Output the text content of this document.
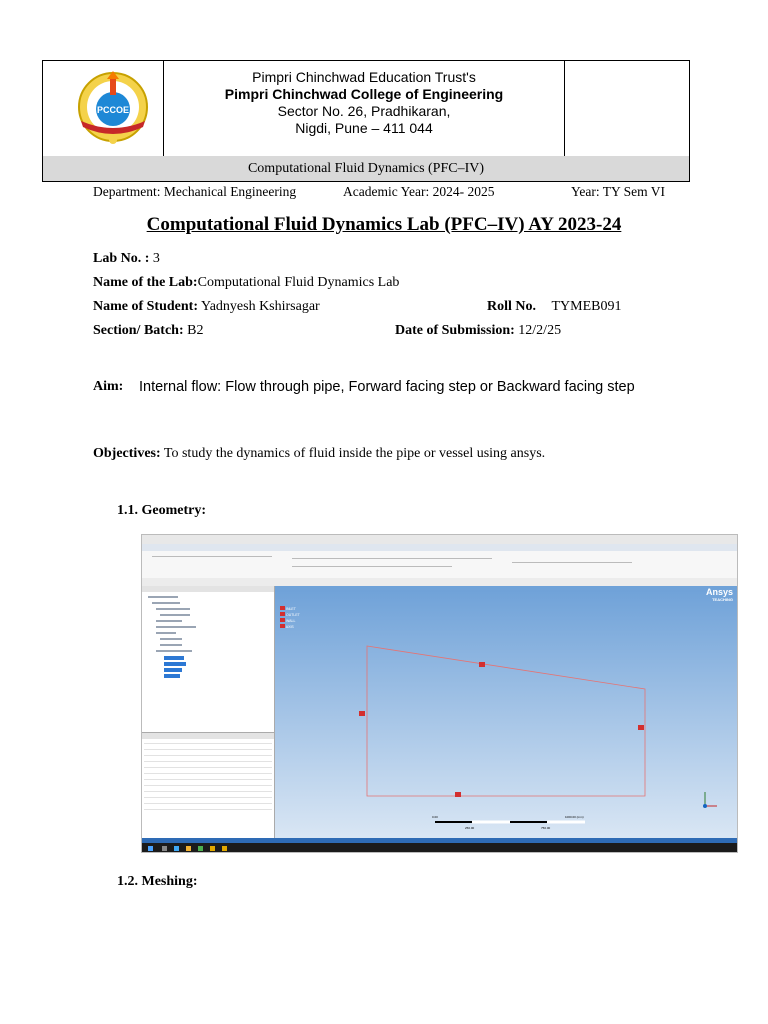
PCCOE
Pimpri Chinchwad Education Trust's
Pimpri Chinchwad College of Engineering
Sector No. 26, Pradhikaran,
Nigdi, Pune – 411 044
Computational Fluid Dynamics (PFC–IV)
Department: Mechanical Engineering	Academic Year: 2024- 2025	Year: TY Sem VI
Computational Fluid Dynamics Lab (PFC–IV) AY 2023-24
Lab No. : 3
Name of the Lab:Computational Fluid Dynamics Lab
Name of Student: Yadnyesh Kshirsagar	Roll No. TYMEB091
Section/ Batch: B2	Date of Submission: 12/2/25
Aim: Internal flow: Flow through pipe, Forward facing step or Backward facing step
Objectives: To study the dynamics of fluid inside the pipe or vessel using ansys.
1.1. Geometry:
INLET
OUTLET
WALL
AXIS
Ansys
TEACHING
0.00	1000.00 (mm)
250.00	750.00
1.2. Meshing:
